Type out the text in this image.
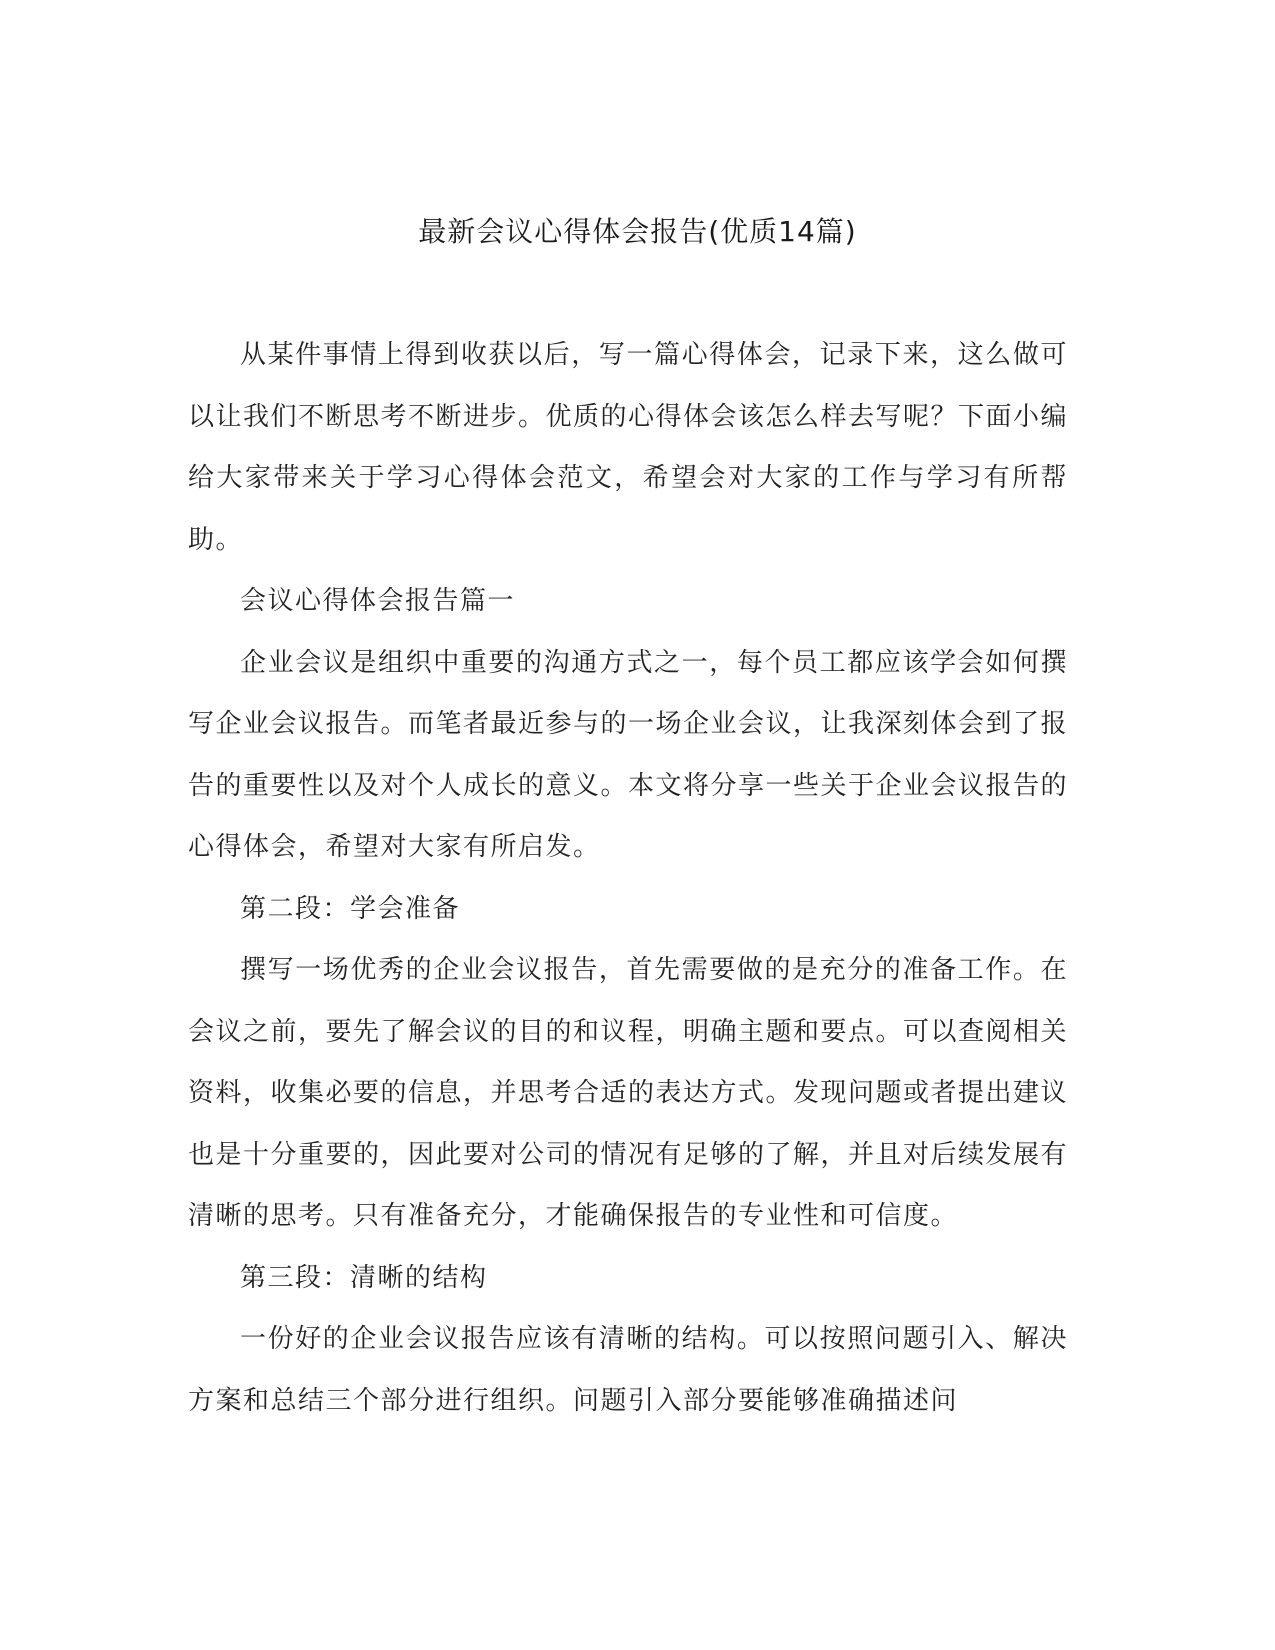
最新会议心得体会报告(优质14篇)

从某件事情上得到收获以后，写一篇心得体会，记录下来，这么做可以让我们不断思考不断进步。优质的心得体会该怎么样去写呢？下面小编给大家带来关于学习心得体会范文，希望会对大家的工作与学习有所帮助。

会议心得体会报告篇一

企业会议是组织中重要的沟通方式之一，每个员工都应该学会如何撰写企业会议报告。而笔者最近参与的一场企业会议，让我深刻体会到了报告的重要性以及对个人成长的意义。本文将分享一些关于企业会议报告的心得体会，希望对大家有所启发。

第二段：学会准备

撰写一场优秀的企业会议报告，首先需要做的是充分的准备工作。在会议之前，要先了解会议的目的和议程，明确主题和要点。可以查阅相关资料，收集必要的信息，并思考合适的表达方式。发现问题或者提出建议也是十分重要的，因此要对公司的情况有足够的了解，并且对后续发展有清晰的思考。只有准备充分，才能确保报告的专业性和可信度。

第三段：清晰的结构

一份好的企业会议报告应该有清晰的结构。可以按照问题引入、解决方案和总结三个部分进行组织。问题引入部分要能够准确描述问
